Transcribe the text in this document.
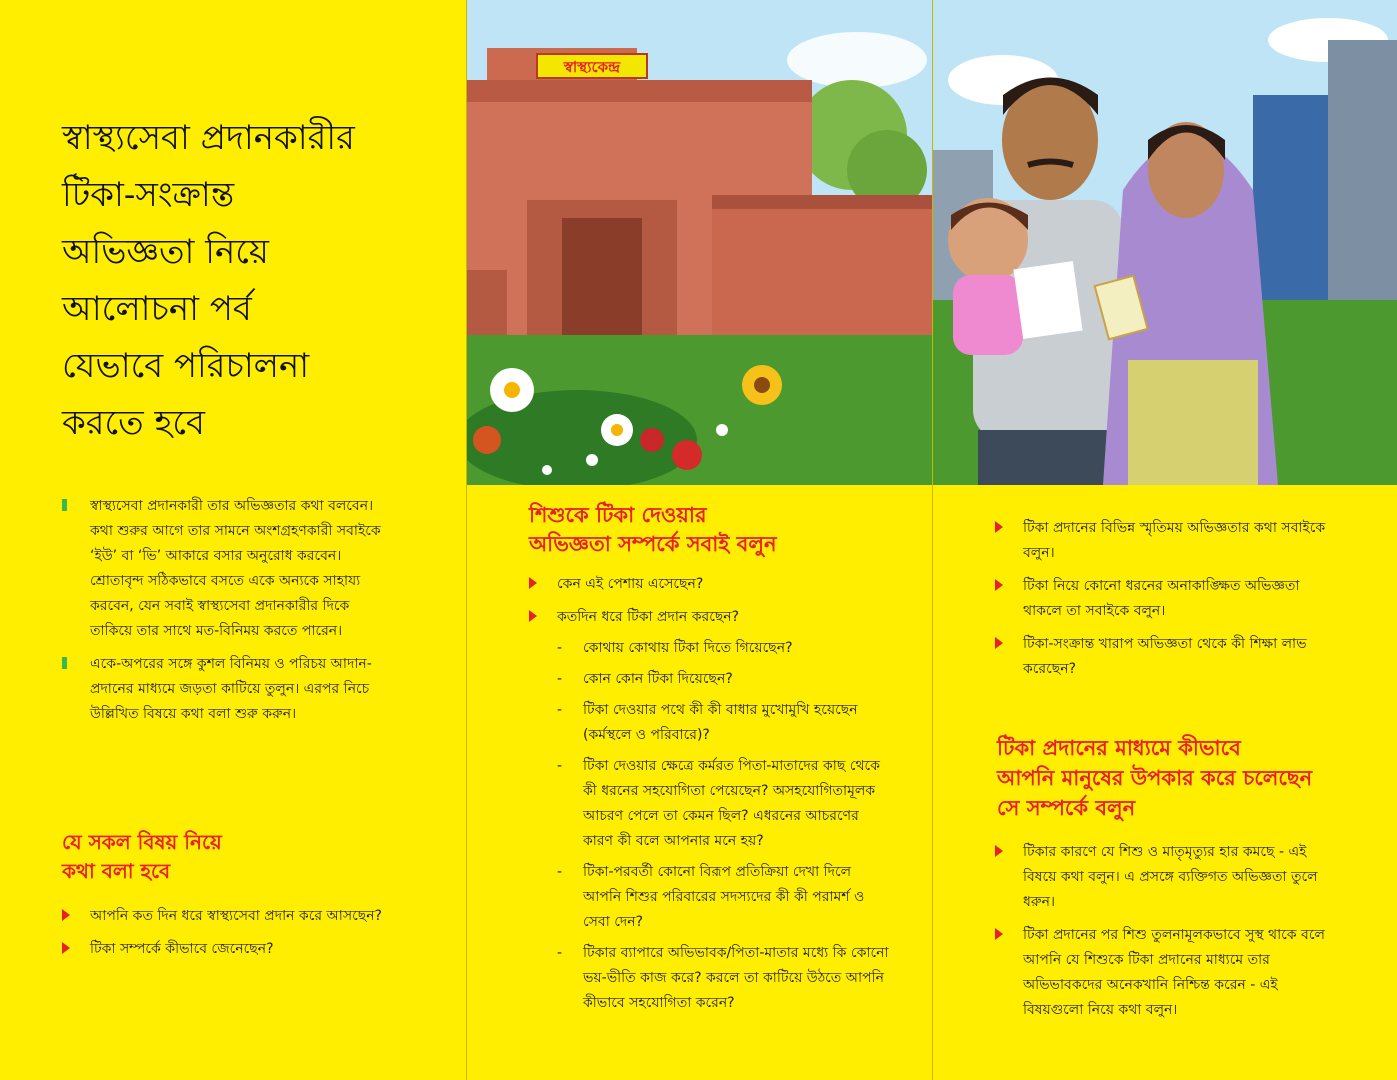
স্বাস্থ্যসেবা প্রদানকারীর
টিকা-সংক্রান্ত
অভিজ্ঞতা নিয়ে
আলোচনা পর্ব
যেভাবে পরিচালনা
করতে হবে
স্বাস্থ্যসেবা প্রদানকারী তার অভিজ্ঞতার কথা বলবেন। কথা শুরুর আগে তার সামনে অংশগ্রহণকারী সবাইকে ‘ইউ’ বা ‘ভি’ আকারে বসার অনুরোধ করবেন। শ্রোতাবৃন্দ সঠিকভাবে বসতে একে অন্যকে সাহায্য করবেন, যেন সবাই স্বাস্থ্যসেবা প্রদানকারীর দিকে তাকিয়ে তার সাথে মত-বিনিময় করতে পারেন।
একে-অপরের সঙ্গে কুশল বিনিময় ও পরিচয় আদান-প্রদানের মাধ্যমে জড়তা কাটিয়ে তুলুন। এরপর নিচে উল্লিখিত বিষয়ে কথা বলা শুরু করুন।
যে সকল বিষয় নিয়ে
কথা বলা হবে
আপনি কত দিন ধরে স্বাস্থ্যসেবা প্রদান করে আসছেন?
টিকা সম্পর্কে কীভাবে জেনেছেন?
শিশুকে টিকা দেওয়ার
অভিজ্ঞতা সম্পর্কে সবাই বলুন
কেন এই পেশায় এসেছেন?
কতদিন ধরে টিকা প্রদান করছেন?
- কোথায় কোথায় টিকা দিতে গিয়েছেন?
- কোন কোন টিকা দিয়েছেন?
- টিকা দেওয়ার পথে কী কী বাধার মুখোমুখি হয়েছেন (কর্মস্থলে ও পরিবারে)?
- টিকা দেওয়ার ক্ষেত্রে কর্মরত পিতা-মাতাদের কাছ থেকে কী ধরনের সহযোগিতা পেয়েছেন? অসহযোগিতামূলক আচরণ পেলে তা কেমন ছিল? এধরনের আচরণের কারণ কী বলে আপনার মনে হয়?
- টিকা-পরবর্তী কোনো বিরূপ প্রতিক্রিয়া দেখা দিলে আপনি শিশুর পরিবারের সদস্যদের কী কী পরামর্শ ও সেবা দেন?
- টিকার ব্যাপারে অভিভাবক/পিতা-মাতার মধ্যে কি কোনো ভয়-ভীতি কাজ করে? করলে তা কাটিয়ে উঠতে আপনি কীভাবে সহযোগিতা করেন?
টিকা প্রদানের বিভিন্ন স্মৃতিময় অভিজ্ঞতার কথা সবাইকে বলুন।
টিকা নিয়ে কোনো ধরনের অনাকাঙ্ক্ষিত অভিজ্ঞতা থাকলে তা সবাইকে বলুন।
টিকা-সংক্রান্ত খারাপ অভিজ্ঞতা থেকে কী শিক্ষা লাভ করেছেন?
টিকা প্রদানের মাধ্যমে কীভাবে
আপনি মানুষের উপকার করে চলেছেন
সে সম্পর্কে বলুন
টিকার কারণে যে শিশু ও মাতৃমৃত্যুর হার কমছে - এই বিষয়ে কথা বলুন। এ প্রসঙ্গে ব্যক্তিগত অভিজ্ঞতা তুলে ধরুন।
টিকা প্রদানের পর শিশু তুলনামূলকভাবে সুস্থ থাকে বলে আপনি যে শিশুকে টিকা প্রদানের মাধ্যমে তার অভিভাবকদের অনেকখানি নিশ্চিন্ত করেন - এই বিষয়গুলো নিয়ে কথা বলুন।
স্বাস্থ্যকেন্দ্র
